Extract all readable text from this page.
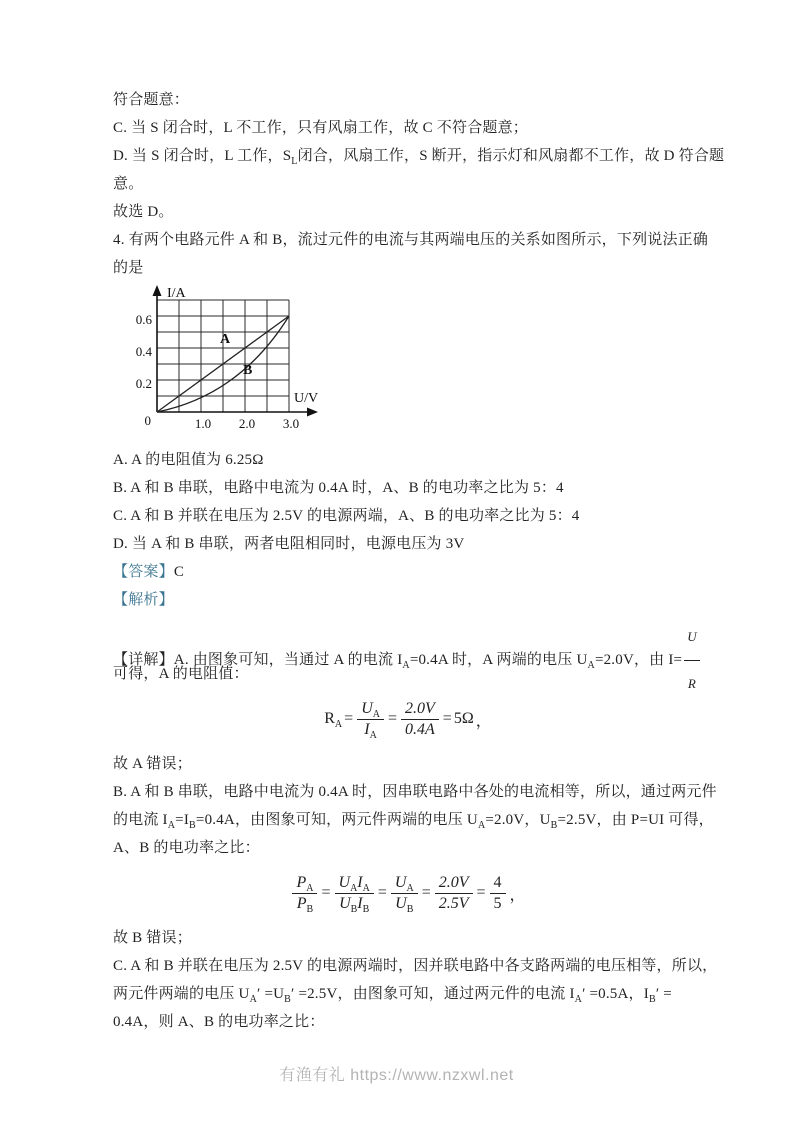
符合题意：

C. 当 S 闭合时，L 不工作，只有风扇工作，故 C 不符合题意；

D. 当 S 闭合时，L 工作，$S_L$闭合，风扇工作，S 断开，指示灯和风扇都不工作，故 D 符合题

意。

故选 D。

4. 有两个电路元件 A 和 B，流过元件的电流与其两端电压的关系如图所示，下列说法正确

的是

I/A
U/V
0	1.0 2.0 3.0
0.2
0.4
0.6
A
B

A. A 的电阻值为 6.25Ω

B. A 和 B 串联，电路中电流为 0.4A 时，A、B 的电功率之比为 5：4

C. A 和 B 并联在电压为 2.5V 的电源两端，A、B 的电功率之比为 5：4

D. 当 A 和 B 串联，两者电阻相同时，电源电压为 3V

【答案】C

【解析】

【详解】A. 由图象可知，当通过 A 的电流 $I_A=0.4A$ 时，A 两端的电压 $U_A=2.0V$，由 $I= \frac{U}{R}$

可得，A 的电阻值：

$R_A = \frac{U_A}{I_A} = \frac{2.0V}{0.4A} = 5\Omega$ ，

故 A 错误；

B. A 和 B 串联，电路中电流为 0.4A 时，因串联电路中各处的电流相等，所以，通过两元件

的电流 $I_A=I_B=0.4A$，由图象可知，两元件两端的电压 $U_A=2.0V$，$U_B=2.5V$，由 P=UI 可得，

A、B 的电功率之比：

$\frac{P_A}{P_B} = \frac{U_AI_A}{U_BI_B} = \frac{U_A}{U_B} = \frac{2.0V}{2.5V} = \frac{4}{5}$ ，

故 B 错误；

C. A 和 B 并联在电压为 2.5V 的电源两端时，因并联电路中各支路两端的电压相等，所以，

两元件两端的电压 $U_A' =U_B' =2.5V$，由图象可知，通过两元件的电流 $I_A' =0.5A$，$I_B'$ =

0.4A，则 A、B 的电功率之比：

有渔有礼 https://www.nzxwl.net
